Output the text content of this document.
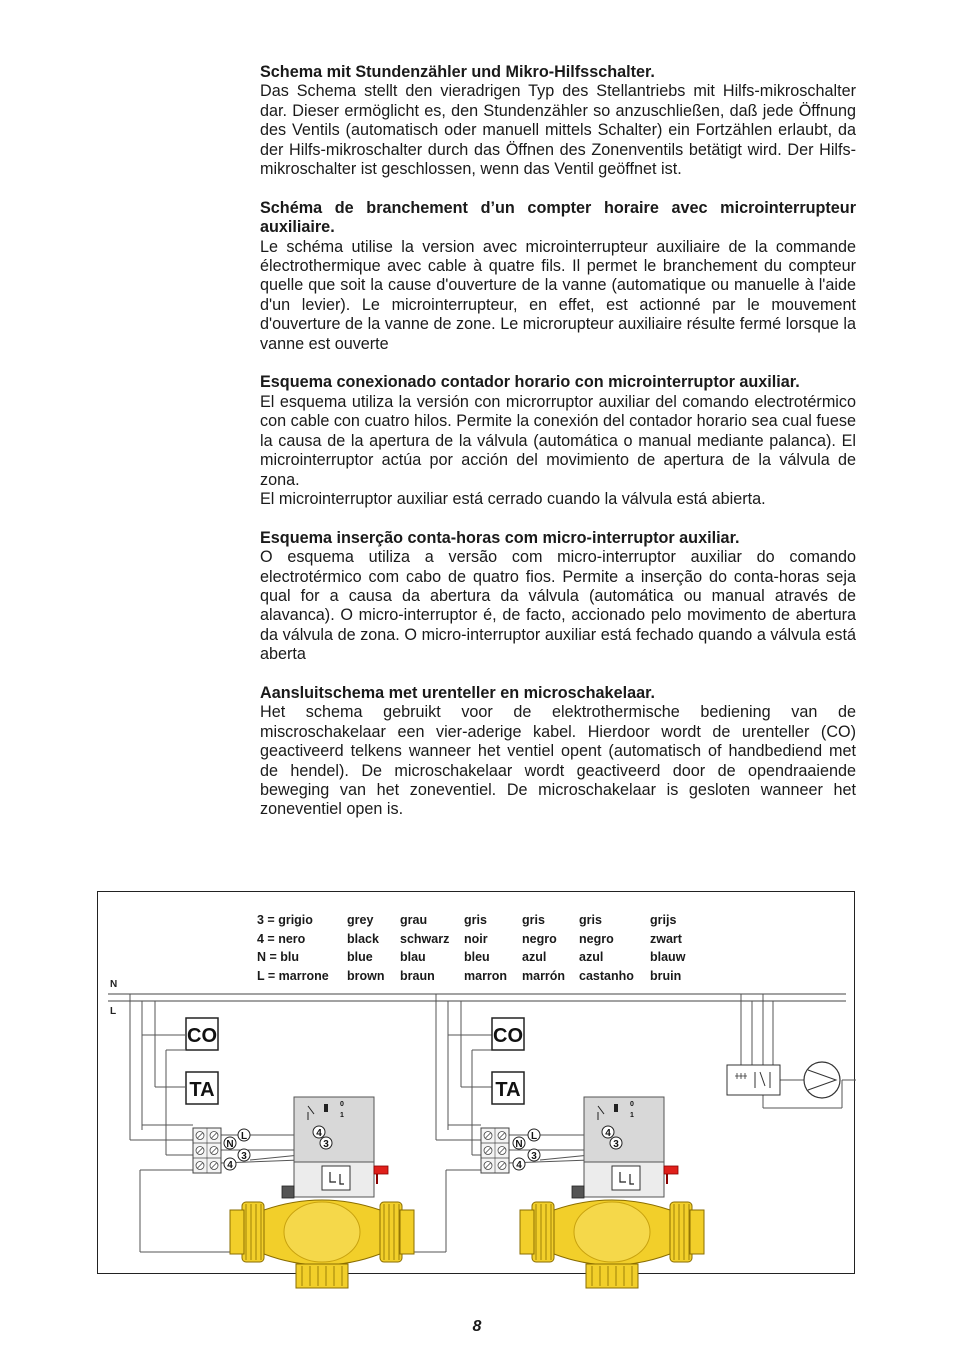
Schema mit Stundenzähler und Mikro-Hilfsschalter.

Das Schema stellt den vieradrigen Typ des Stellantriebs mit Hilfs-mikroschalter dar. Dieser ermöglicht es, den Stundenzähler so anzuschließen, daß jede Öffnung des Ventils (automatisch oder manuell mittels Schalter) ein Fortzählen erlaubt, da der Hilfs-mikroschalter durch das Öffnen des Zonenventils betätigt wird. Der Hilfs-mikroschalter ist geschlossen, wenn das Ventil geöffnet ist.

Schéma de branchement d’un compter horaire avec microinterrupteur auxiliaire.

Le schéma utilise la version avec microinterrupteur auxiliaire de la commande électrothermique avec cable à quatre fils. Il permet le branchement du compteur quelle que soit la cause d'ouverture de la vanne (automatique ou manuelle à l'aide d'un levier). Le microinterrupteur, en effet, est actionné par le mouvement d'ouverture de la vanne de zone. Le microrupteur auxiliaire résulte fermé lorsque la vanne est ouverte

Esquema conexionado contador horario con microinterruptor auxiliar.

El esquema utiliza la versión con microrruptor auxiliar del comando electrotérmico con cable con cuatro hilos. Permite la conexión del contador horario sea cual fuese la causa de la apertura de la válvula (automática o manual mediante palanca). El microinterruptor actúa por acción del movimiento de apertura de la válvula de zona.

El microinterruptor auxiliar está cerrado cuando la válvula está abierta.

Esquema inserção conta-horas com micro-interruptor auxiliar.

O esquema utiliza a versão com micro-interruptor auxiliar do comando electrotérmico com cabo de quatro fios. Permite a inserção do conta-horas seja qual for a causa da abertura da válvula (automática ou manual através de alavanca). O micro-interruptor é, de facto, accionado pelo movimento de abertura da válvula de zona. O micro-interruptor auxiliar está fechado quando a válvula está aberta

Aansluitschema met urenteller en microschakelaar.

Het schema gebruikt voor de elektrothermische bediening van de miscroschakelaar een vier-aderige kabel. Hierdoor wordt de urenteller (CO) geactiveerd telkens wanneer het ventiel opent (automatisch of handbediend met de hendel). De microschakelaar wordt geactiveerd door de opendraaiende beweging van het zoneventiel. De microschakelaar is gesloten wanneer het zoneventiel open is.

3 = grigio
4 = nero
N = blu
L = marrone
grey
black
blue
brown
grau
schwarz
blau
braun
gris
noir
bleu
marron
gris
negro
azul
marrón
gris
negro
azul
castanho
grijs
zwart
blauw
bruin
N
L
CO
TA
N
3
4
L	4
3
0
1
CO
TA
N
3
4
L	4
3
0
1
8
